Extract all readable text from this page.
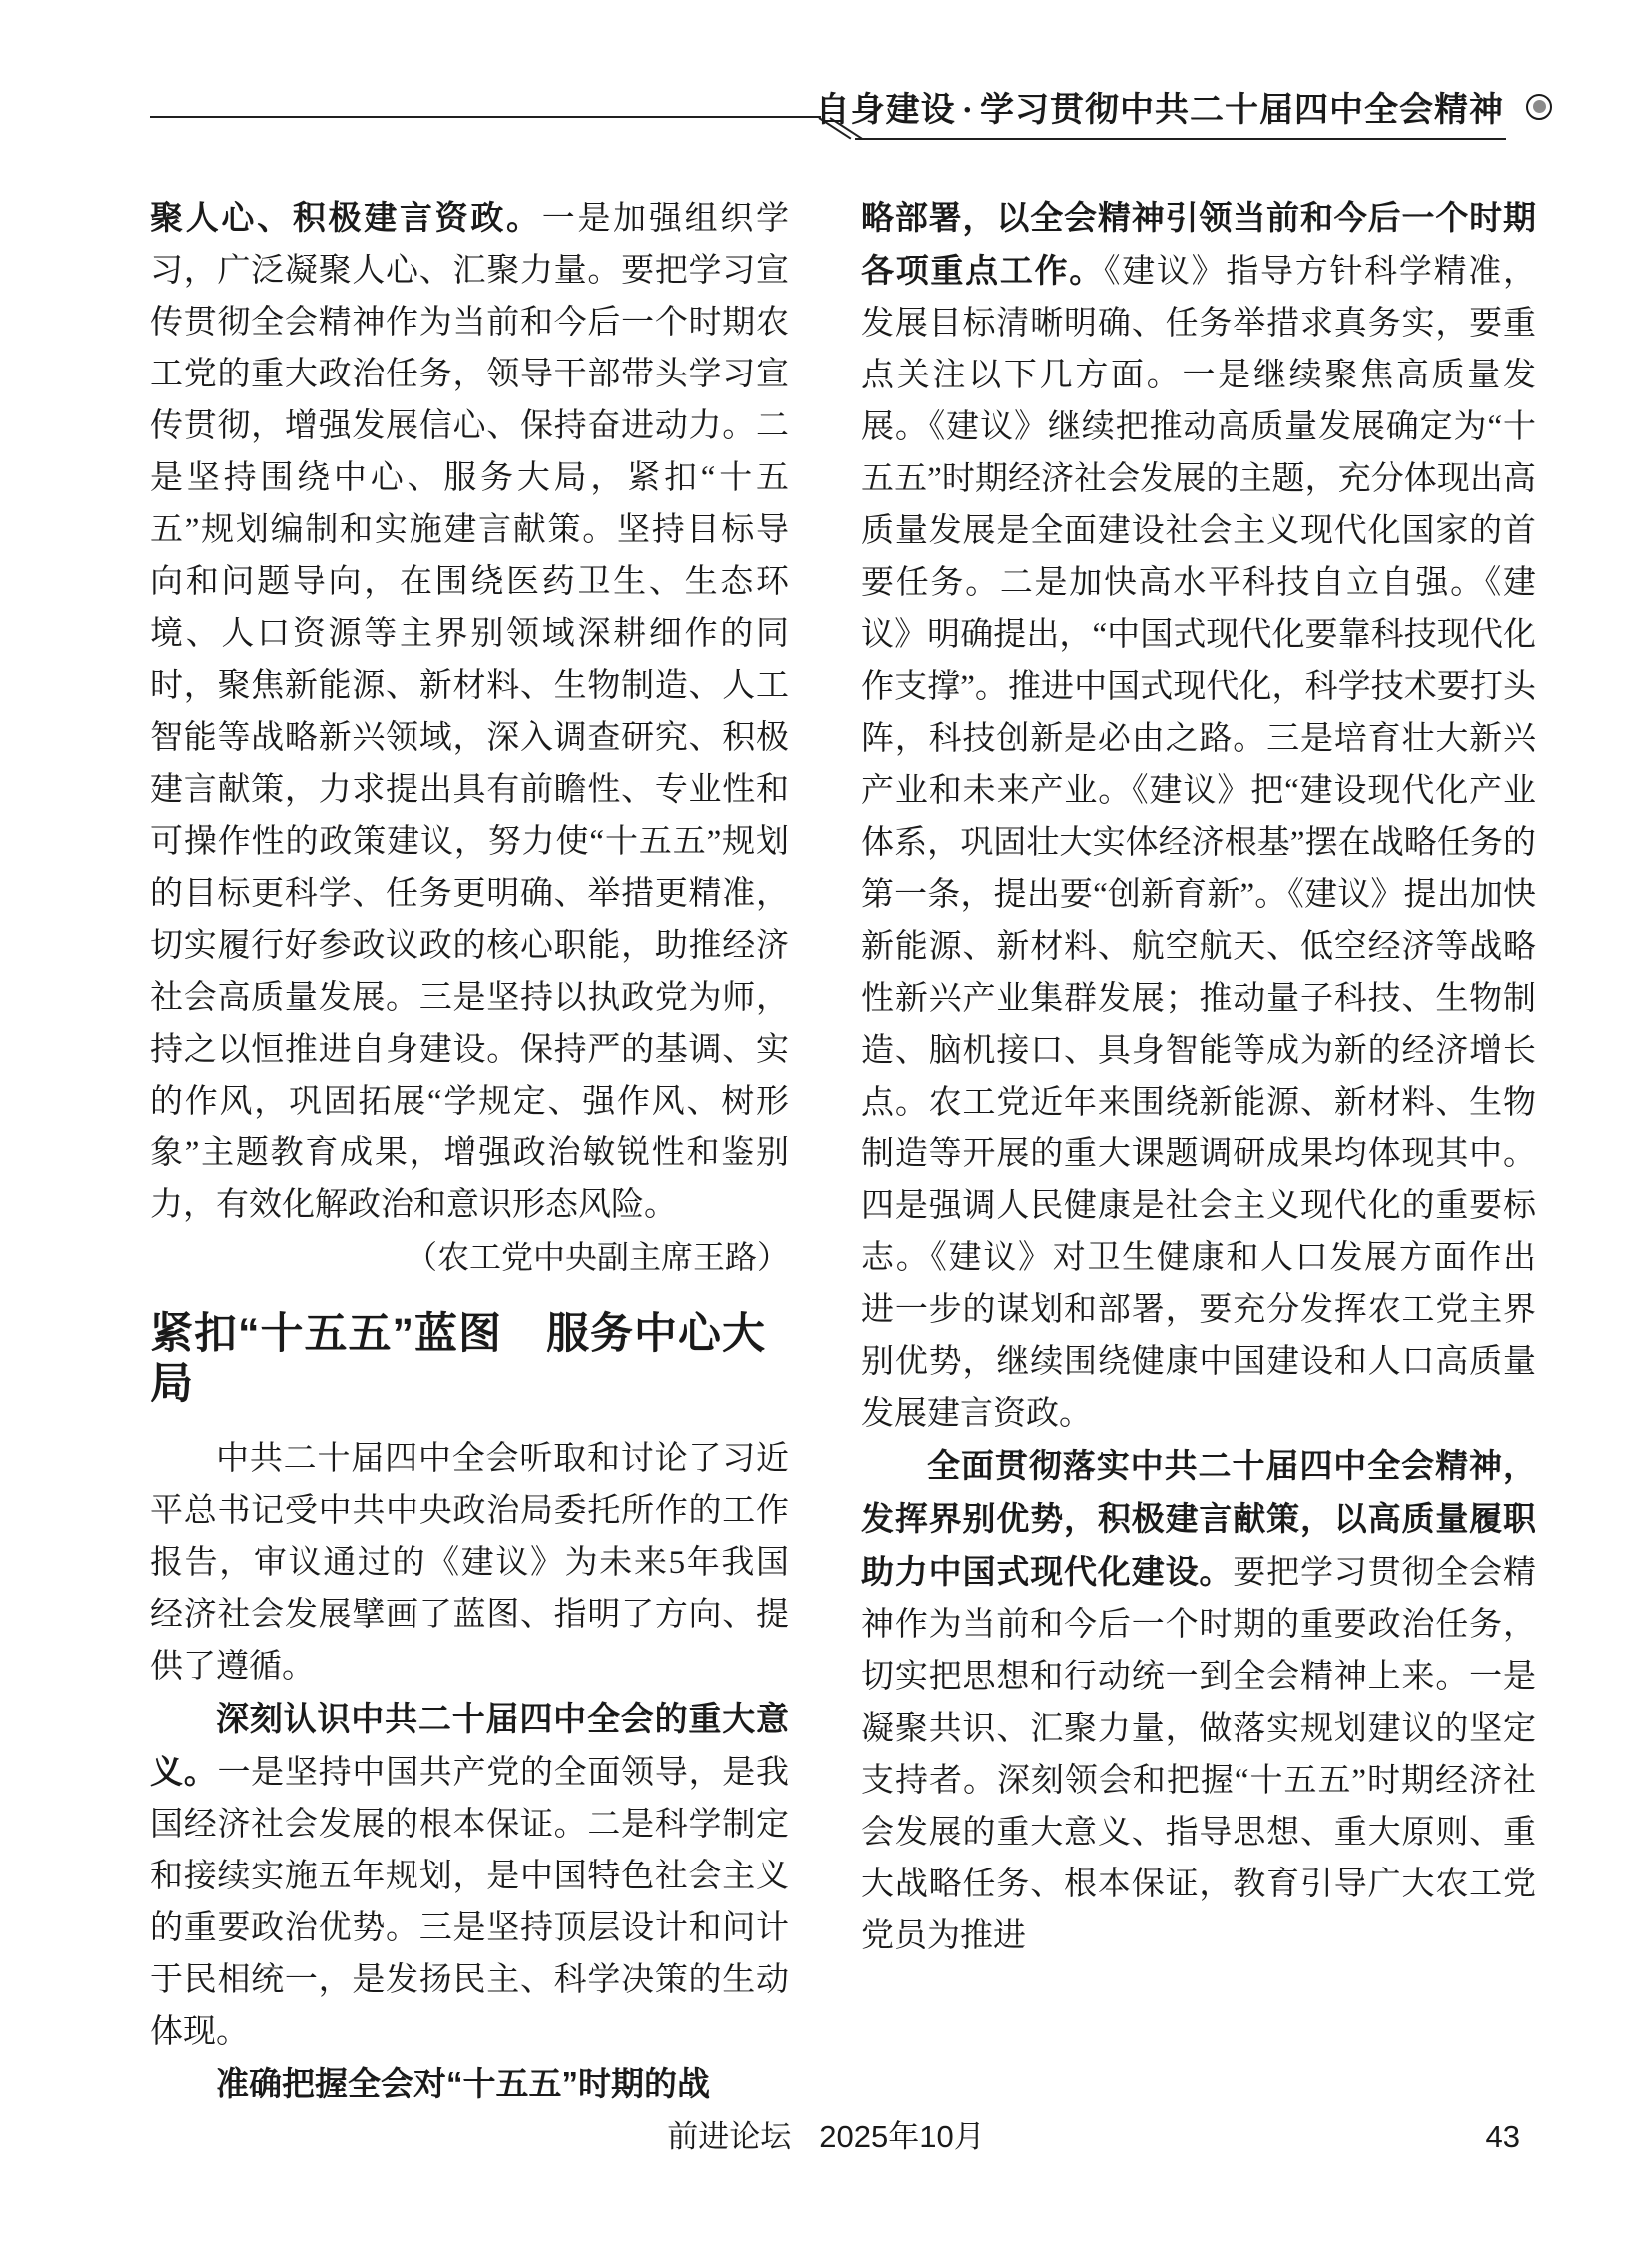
自身建设 · 学习贯彻中共二十届四中全会精神

聚人心、积极建言资政。一是加强组织学习，广泛凝聚人心、汇聚力量。要把学习宣传贯彻全会精神作为当前和今后一个时期农工党的重大政治任务，领导干部带头学习宣传贯彻，增强发展信心、保持奋进动力。二是坚持围绕中心、服务大局，紧扣“十五五”规划编制和实施建言献策。坚持目标导向和问题导向，在围绕医药卫生、生态环境、人口资源等主界别领域深耕细作的同时，聚焦新能源、新材料、生物制造、人工智能等战略新兴领域，深入调查研究、积极建言献策，力求提出具有前瞻性、专业性和可操作性的政策建议，努力使“十五五”规划的目标更科学、任务更明确、举措更精准，切实履行好参政议政的核心职能，助推经济社会高质量发展。三是坚持以执政党为师，持之以恒推进自身建设。保持严的基调、实的作风，巩固拓展“学规定、强作风、树形象”主题教育成果，增强政治敏锐性和鉴别力，有效化解政治和意识形态风险。

（农工党中央副主席王路）

紧扣“十五五”蓝图　服务中心大局

中共二十届四中全会听取和讨论了习近平总书记受中共中央政治局委托所作的工作报告，审议通过的《建议》为未来5年我国经济社会发展擘画了蓝图、指明了方向、提供了遵循。

深刻认识中共二十届四中全会的重大意义。一是坚持中国共产党的全面领导，是我国经济社会发展的根本保证。二是科学制定和接续实施五年规划，是中国特色社会主义的重要政治优势。三是坚持顶层设计和问计于民相统一，是发扬民主、科学决策的生动体现。

准确把握全会对“十五五”时期的战

略部署，以全会精神引领当前和今后一个时期各项重点工作。《建议》指导方针科学精准，发展目标清晰明确、任务举措求真务实，要重点关注以下几方面。一是继续聚焦高质量发展。《建议》继续把推动高质量发展确定为“十五五”时期经济社会发展的主题，充分体现出高质量发展是全面建设社会主义现代化国家的首要任务。二是加快高水平科技自立自强。《建议》明确提出，“中国式现代化要靠科技现代化作支撑”。推进中国式现代化，科学技术要打头阵，科技创新是必由之路。三是培育壮大新兴产业和未来产业。《建议》把“建设现代化产业体系，巩固壮大实体经济根基”摆在战略任务的第一条，提出要“创新育新”。《建议》提出加快新能源、新材料、航空航天、低空经济等战略性新兴产业集群发展；推动量子科技、生物制造、脑机接口、具身智能等成为新的经济增长点。农工党近年来围绕新能源、新材料、生物制造等开展的重大课题调研成果均体现其中。四是强调人民健康是社会主义现代化的重要标志。《建议》对卫生健康和人口发展方面作出进一步的谋划和部署，要充分发挥农工党主界别优势，继续围绕健康中国建设和人口高质量发展建言资政。

全面贯彻落实中共二十届四中全会精神，发挥界别优势，积极建言献策，以高质量履职助力中国式现代化建设。要把学习贯彻全会精神作为当前和今后一个时期的重要政治任务，切实把思想和行动统一到全会精神上来。一是凝聚共识、汇聚力量，做落实规划建议的坚定支持者。深刻领会和把握“十五五”时期经济社会发展的重大意义、指导思想、重大原则、重大战略任务、根本保证，教育引导广大农工党党员为推进

前进论坛 2025年10月	43
